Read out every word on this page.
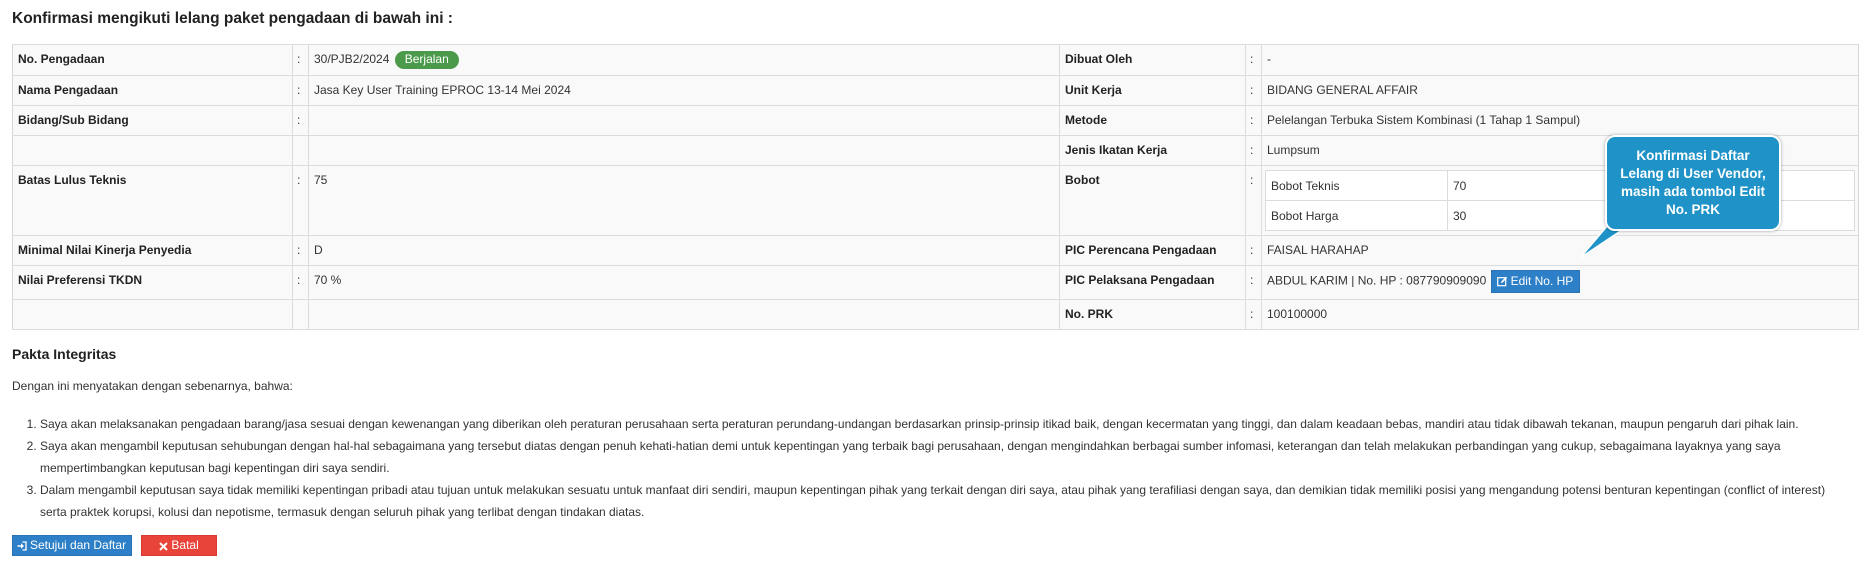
Konfirmasi mengikuti lelang paket pengadaan di bawah ini :
No. Pengadaan	:	30/PJB2/2024 Berjalan	Dibuat Oleh	:	-
Nama Pengadaan	:	Jasa Key User Training EPROC 13-14 Mei 2024	Unit Kerja	:	BIDANG GENERAL AFFAIR
Bidang/Sub Bidang	:		Metode	:	Pelelangan Terbuka Sistem Kombinasi (1 Tahap 1 Sampul)
			Jenis Ikatan Kerja	:	Lumpsum
Batas Lulus Teknis	:	75	Bobot	:	Bobot Teknis	70
Bobot Harga	30

Minimal Nilai Kinerja Penyedia	:	D	PIC Perencana Pengadaan	:	FAISAL HARAHAP
Nilai Preferensi TKDN	:	70 %	PIC Pelaksana Pengadaan	:	ABDUL KARIM | No. HP : 087790909090 Edit No. HP
			No. PRK	:	100100000
Pakta Integritas

Dengan ini menyatakan dengan sebenarnya, bahwa:

1. Saya akan melaksanakan pengadaan barang/jasa sesuai dengan kewenangan yang diberikan oleh peraturan perusahaan serta peraturan perundang-undangan berdasarkan prinsip-prinsip itikad baik, dengan kecermatan yang tinggi, dan dalam keadaan bebas, mandiri atau tidak dibawah tekanan, maupun pengaruh dari pihak lain.
2. Saya akan mengambil keputusan sehubungan dengan hal-hal sebagaimana yang tersebut diatas dengan penuh kehati-hatian demi untuk kepentingan yang terbaik bagi perusahaan, dengan mengindahkan berbagai sumber infomasi, keterangan dan telah melakukan perbandingan yang cukup, sebagaimana layaknya yang saya mempertimbangkan keputusan bagi kepentingan diri saya sendiri.
3. Dalam mengambil keputusan saya tidak memiliki kepentingan pribadi atau tujuan untuk melakukan sesuatu untuk manfaat diri sendiri, maupun kepentingan pihak yang terkait dengan diri saya, atau pihak yang terafiliasi dengan saya, dan demikian tidak memiliki posisi yang mengandung potensi benturan kepentingan (conflict of interest) serta praktek korupsi, kolusi dan nepotisme, termasuk dengan seluruh pihak yang terlibat dengan tindakan diatas.
Setujui dan Daftar	Batal
Konfirmasi Daftar Lelang di User Vendor, masih ada tombol Edit No. PRK
